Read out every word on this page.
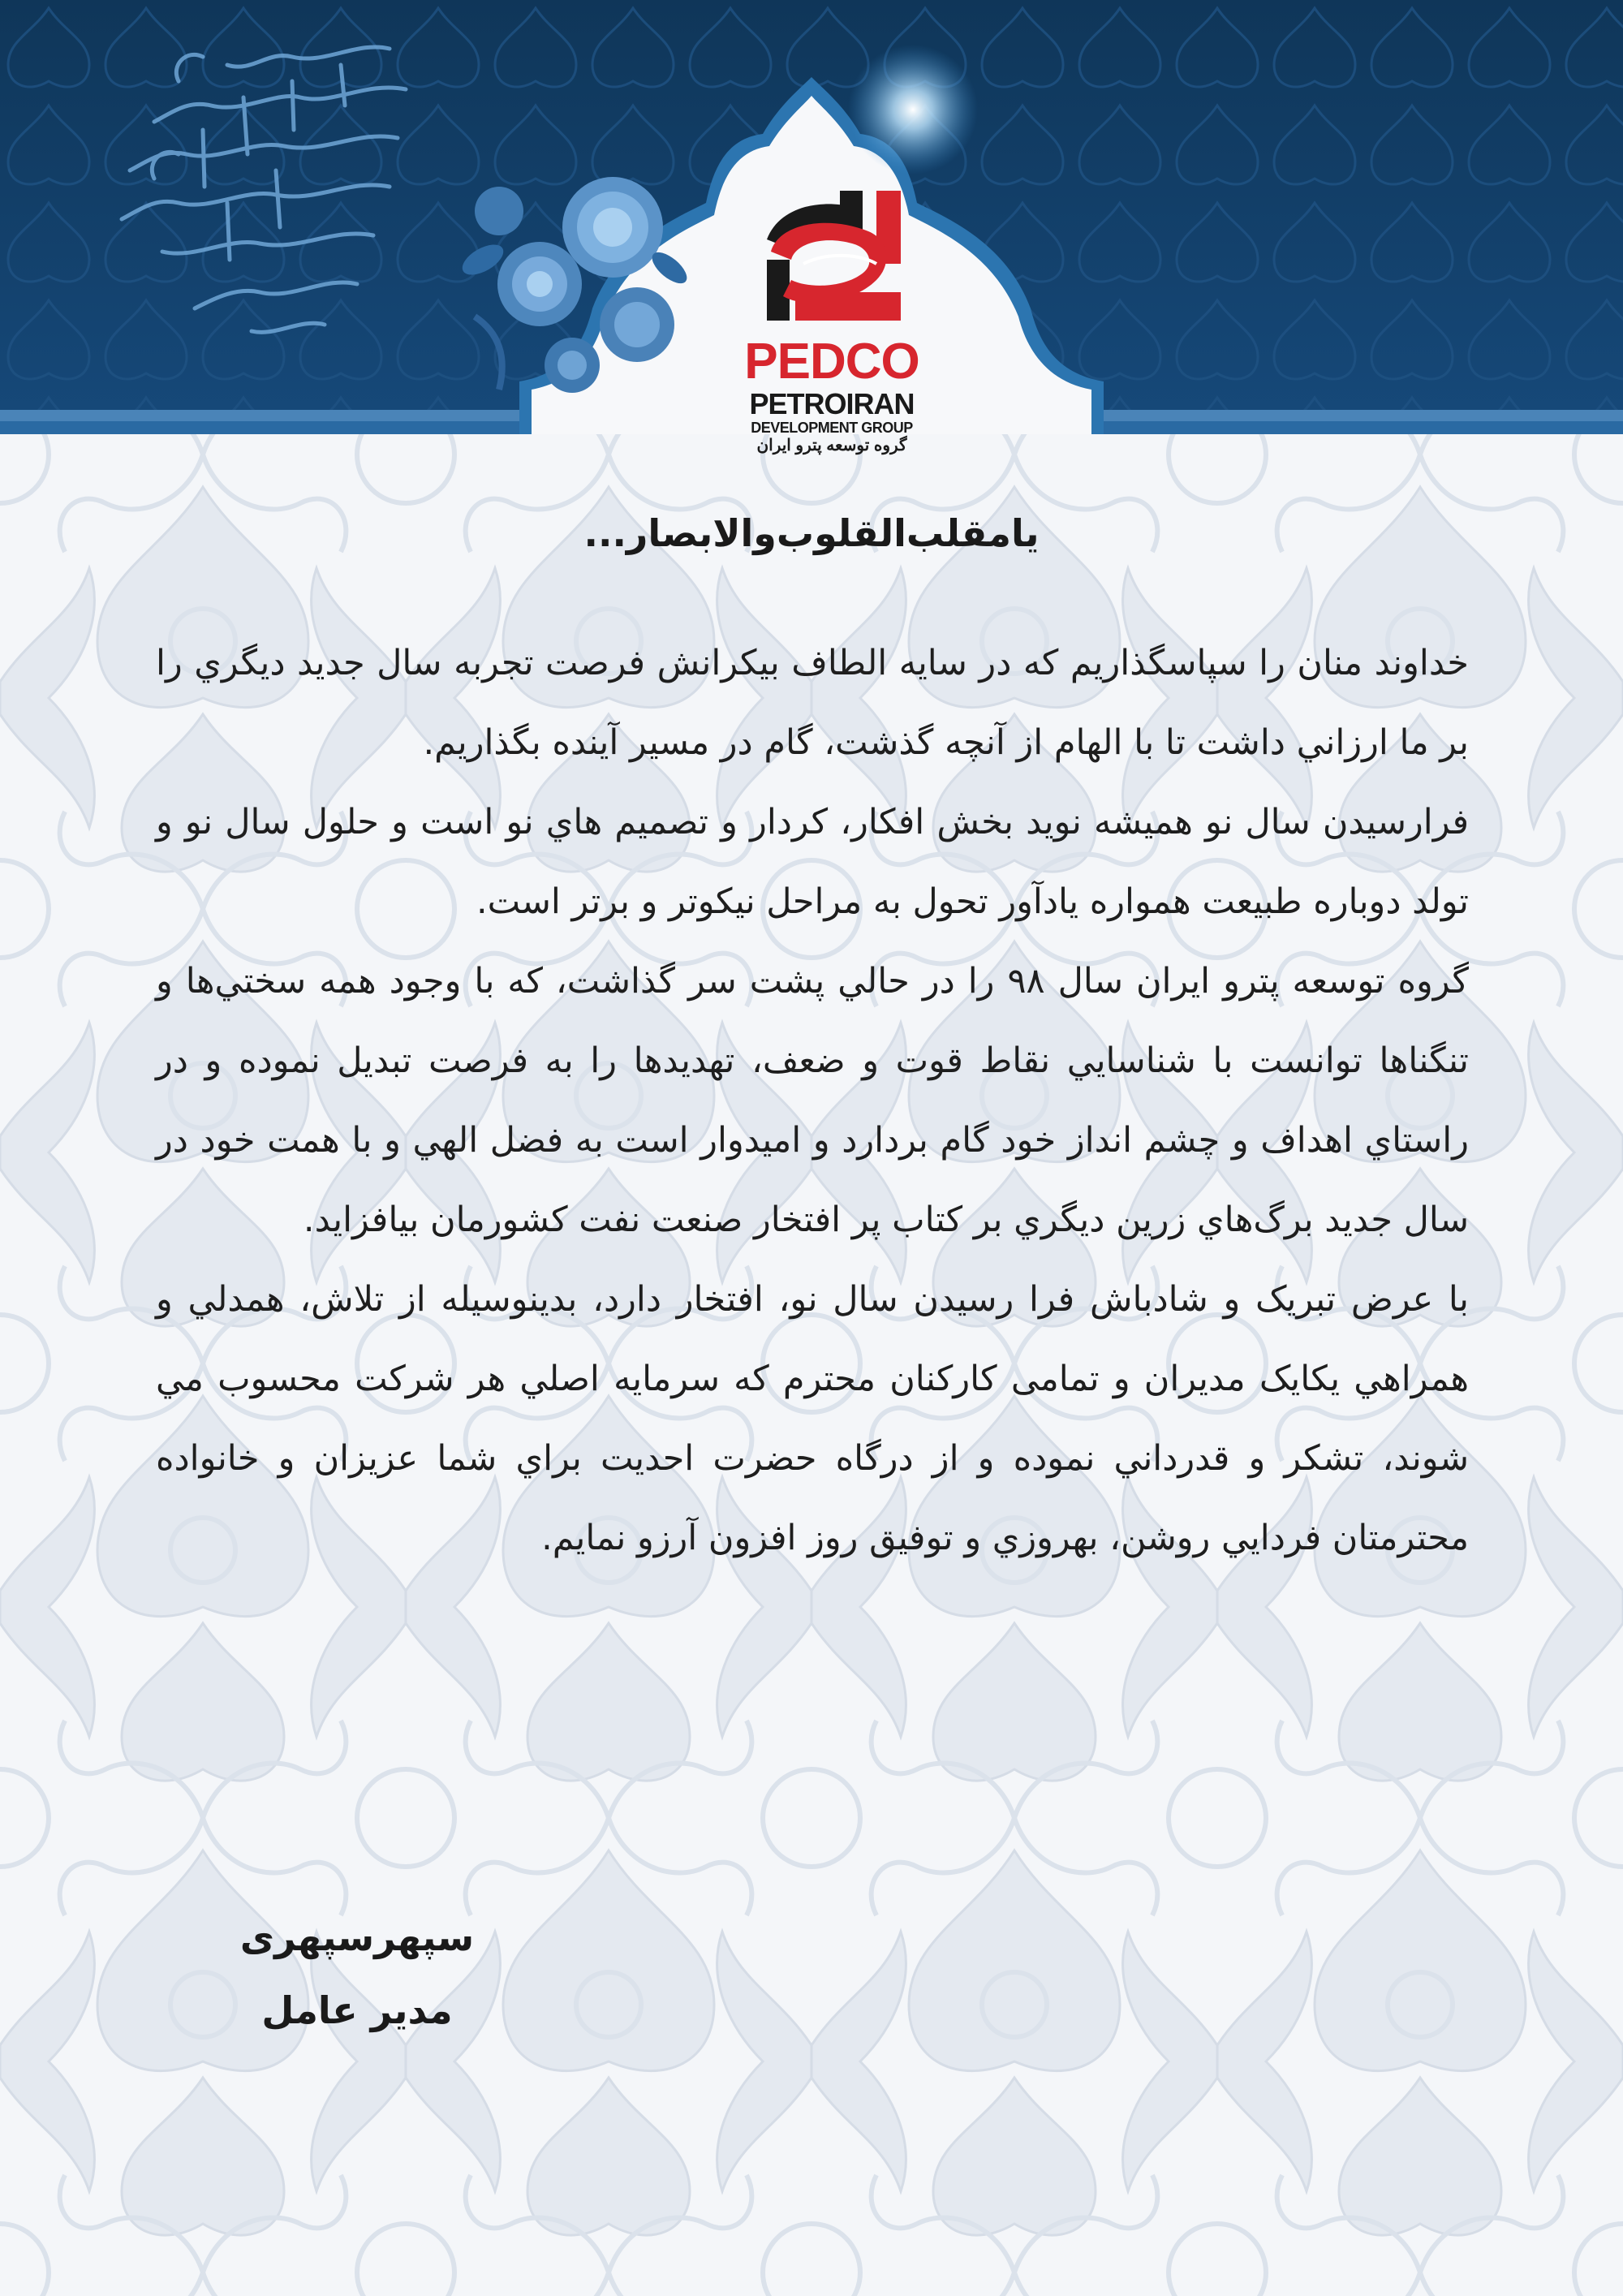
PEDCO
PETROIRAN
DEVELOPMENT GROUP
گروه توسعه پترو ایران
یامقلب‌القلوب‌والابصار...

خداوند منان را سپاسگذاریم که در سایه الطاف بیکرانش فرصت تجربه سال جدید دیگري را بر ما ارزاني داشت تا با الهام از آنچه گذشت، گام در مسیر آینده بگذاریم.

فرارسیدن سال نو همیشه نوید بخش افکار، کردار و تصمیم هاي نو است و حلول سال نو و تولد دوباره طبیعت همواره یادآور تحول به مراحل نیکوتر و برتر است.

گروه توسعه پترو ایران سال ۹۸ را در حالي پشت سر گذاشت، که با وجود همه سختي‌ها و تنگناها توانست با شناسایي نقاط قوت و ضعف، تهدیدها را به فرصت تبدیل نموده و در راستاي اهداف و چشم انداز خود گام بردارد و امیدوار است به فضل الهي و با همت خود در سال جدید برگ‌هاي زرین دیگري بر کتاب پر افتخار صنعت نفت کشورمان بیافزاید.

با عرض تبریک و شادباش فرا رسیدن سال نو، افتخار دارد، بدینوسیله از تلاش، همدلي و همراهي یکایک مدیران و تمامی کارکنان محترم که سرمایه اصلي هر شرکت محسوب مي شوند، تشکر و قدرداني نموده و از درگاه حضرت احدیت براي شما عزیزان و خانواده محترمتان فردایي روشن، بهروزي و توفیق روز افزون آرزو نمایم.

سپهرسپهری
مدیر عامل
